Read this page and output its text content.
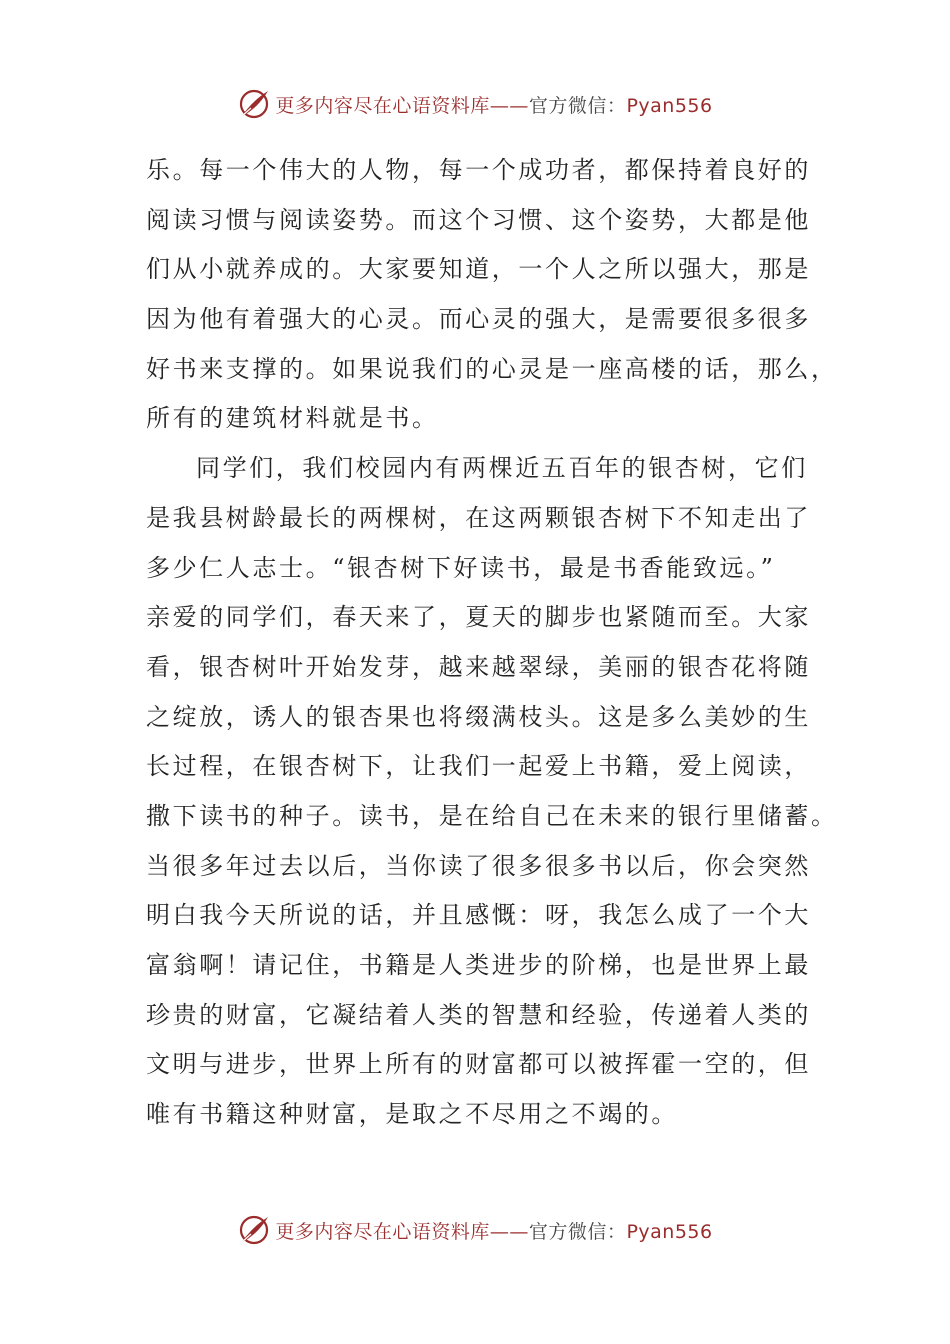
更多内容尽在心语资料库——官方微信：Pyan556
乐。每一个伟大的人物，每一个成功者，都保持着良好的
阅读习惯与阅读姿势。而这个习惯、这个姿势，大都是他
们从小就养成的。大家要知道，一个人之所以强大，那是
因为他有着强大的心灵。而心灵的强大，是需要很多很多
好书来支撑的。如果说我们的心灵是一座高楼的话，那么，
所有的建筑材料就是书。
同学们，我们校园内有两棵近五百年的银杏树，它们
是我县树龄最长的两棵树，在这两颗银杏树下不知走出了
多少仁人志士。“银杏树下好读书，最是书香能致远。”
亲爱的同学们，春天来了，夏天的脚步也紧随而至。大家
看，银杏树叶开始发芽，越来越翠绿，美丽的银杏花将随
之绽放，诱人的银杏果也将缀满枝头。这是多么美妙的生
长过程，在银杏树下，让我们一起爱上书籍，爱上阅读，
撒下读书的种子。读书，是在给自己在未来的银行里储蓄。
当很多年过去以后，当你读了很多很多书以后，你会突然
明白我今天所说的话，并且感慨：呀，我怎么成了一个大
富翁啊！请记住，书籍是人类进步的阶梯，也是世界上最
珍贵的财富，它凝结着人类的智慧和经验，传递着人类的
文明与进步，世界上所有的财富都可以被挥霍一空的，但
唯有书籍这种财富，是取之不尽用之不竭的。
更多内容尽在心语资料库——官方微信：Pyan556
